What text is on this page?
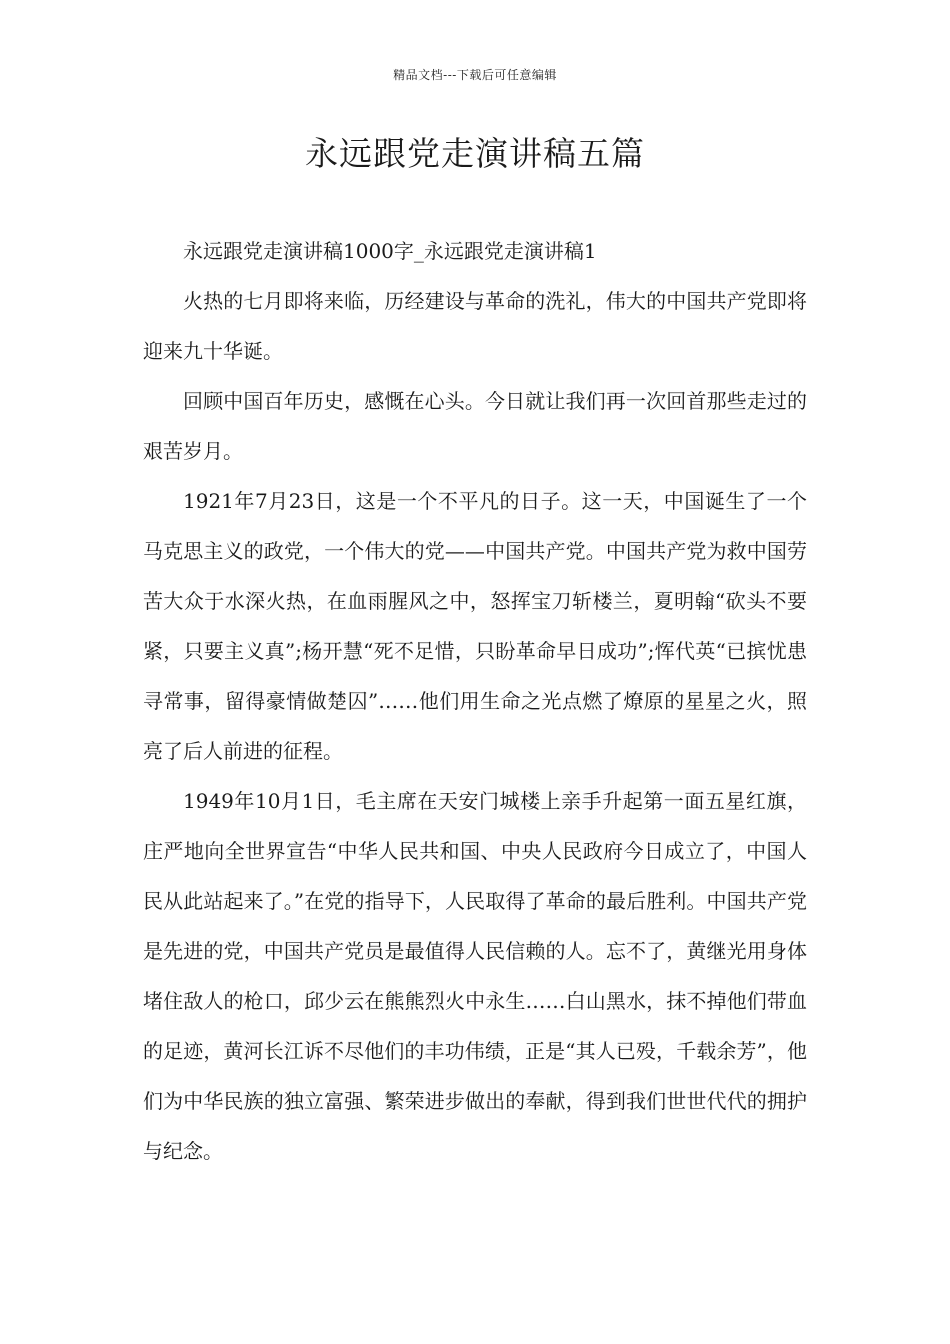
精品文档---下载后可任意编辑
永远跟党走演讲稿五篇

永远跟党走演讲稿1000字_永远跟党走演讲稿1

火热的七月即将来临，历经建设与革命的洗礼，伟大的中国共产党即将迎来九十华诞。

回顾中国百年历史，感慨在心头。今日就让我们再一次回首那些走过的艰苦岁月。

1921年7月23日，这是一个不平凡的日子。这一天，中国诞生了一个马克思主义的政党，一个伟大的党——中国共产党。中国共产党为救中国劳苦大众于水深火热，在血雨腥风之中，怒挥宝刀斩楼兰，夏明翰“砍头不要紧，只要主义真”;杨开慧“死不足惜，只盼革命早日成功”;恽代英“已摈忧患寻常事，留得豪情做楚囚”……他们用生命之光点燃了燎原的星星之火，照亮了后人前进的征程。

1949年10月1日，毛主席在天安门城楼上亲手升起第一面五星红旗，庄严地向全世界宣告“中华人民共和国、中央人民政府今日成立了，中国人民从此站起来了。”在党的指导下，人民取得了革命的最后胜利。中国共产党是先进的党，中国共产党员是最值得人民信赖的人。忘不了，黄继光用身体堵住敌人的枪口，邱少云在熊熊烈火中永生……白山黑水，抹不掉他们带血的足迹，黄河长江诉不尽他们的丰功伟绩，正是“其人已殁，千载余芳”，他们为中华民族的独立富强、繁荣进步做出的奉献，得到我们世世代代的拥护与纪念。
